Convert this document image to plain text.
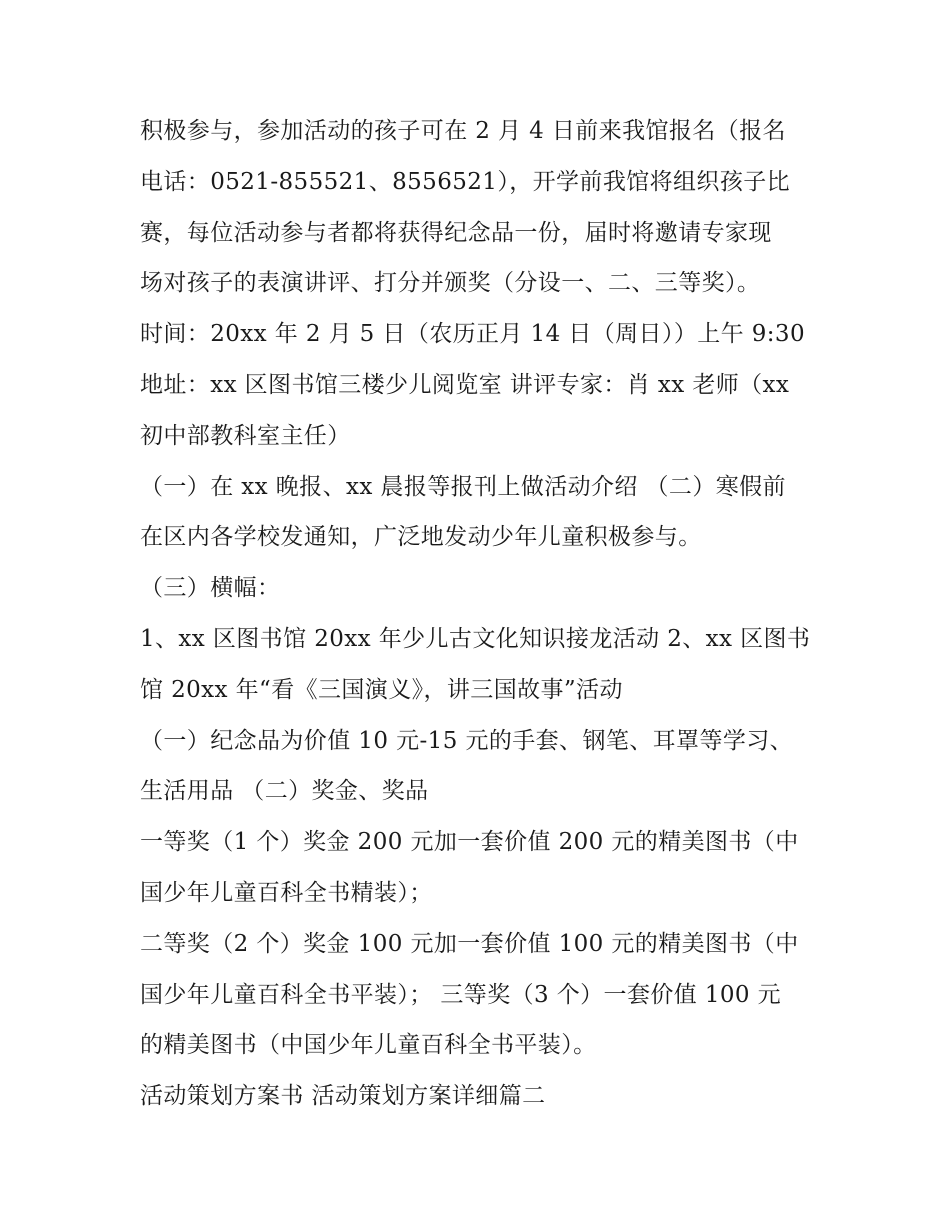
积极参与，参加活动的孩子可在 2 月 4 日前来我馆报名（报名
电话：0521-855521、8556521），开学前我馆将组织孩子比
赛，每位活动参与者都将获得纪念品一份，届时将邀请专家现
场对孩子的表演讲评、打分并颁奖（分设一、二、三等奖）。
时间：20xx 年 2 月 5 日（农历正月 14 日（周日））上午 9:30
地址：xx 区图书馆三楼少儿阅览室 讲评专家：肖 xx 老师（xx
初中部教科室主任）
（一）在 xx 晚报、xx 晨报等报刊上做活动介绍 （二）寒假前
在区内各学校发通知，广泛地发动少年儿童积极参与。
（三）横幅：
1、xx 区图书馆 20xx 年少儿古文化知识接龙活动 2、xx 区图书
馆 20xx 年“看《三国演义》，讲三国故事”活动
（一）纪念品为价值 10 元-15 元的手套、钢笔、耳罩等学习、
生活用品 （二）奖金、奖品
一等奖（1 个）奖金 200 元加一套价值 200 元的精美图书（中
国少年儿童百科全书精装）；
二等奖（2 个）奖金 100 元加一套价值 100 元的精美图书（中
国少年儿童百科全书平装）； 三等奖（3 个）一套价值 100 元
的精美图书（中国少年儿童百科全书平装）。
活动策划方案书 活动策划方案详细篇二
